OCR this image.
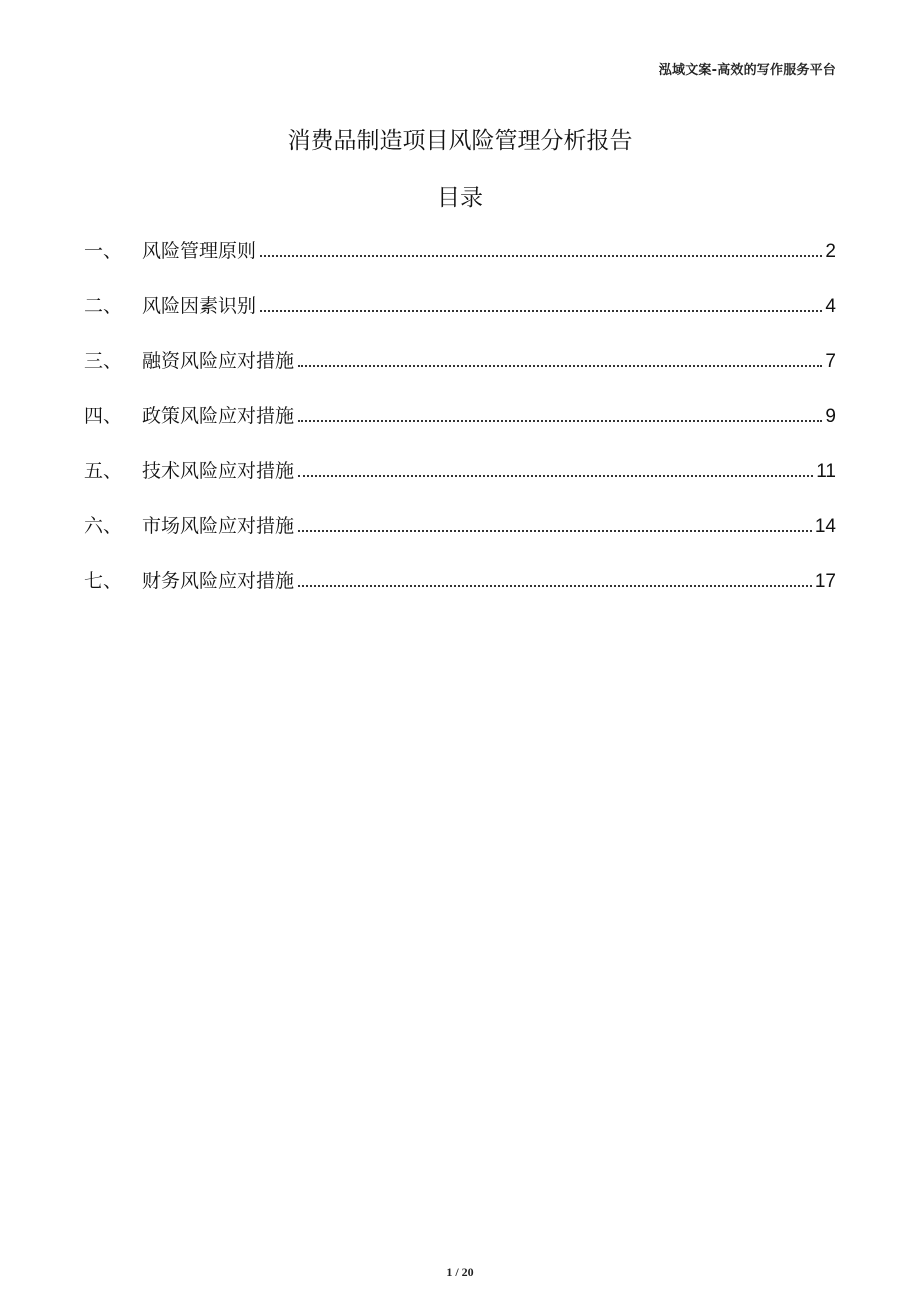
泓域文案-高效的写作服务平台
消费品制造项目风险管理分析报告
目录
一、	风险管理原则	2
二、	风险因素识别	4
三、	融资风险应对措施	7
四、	政策风险应对措施	9
五、	技术风险应对措施	11
六、	市场风险应对措施	14
七、	财务风险应对措施	17
1 / 20
